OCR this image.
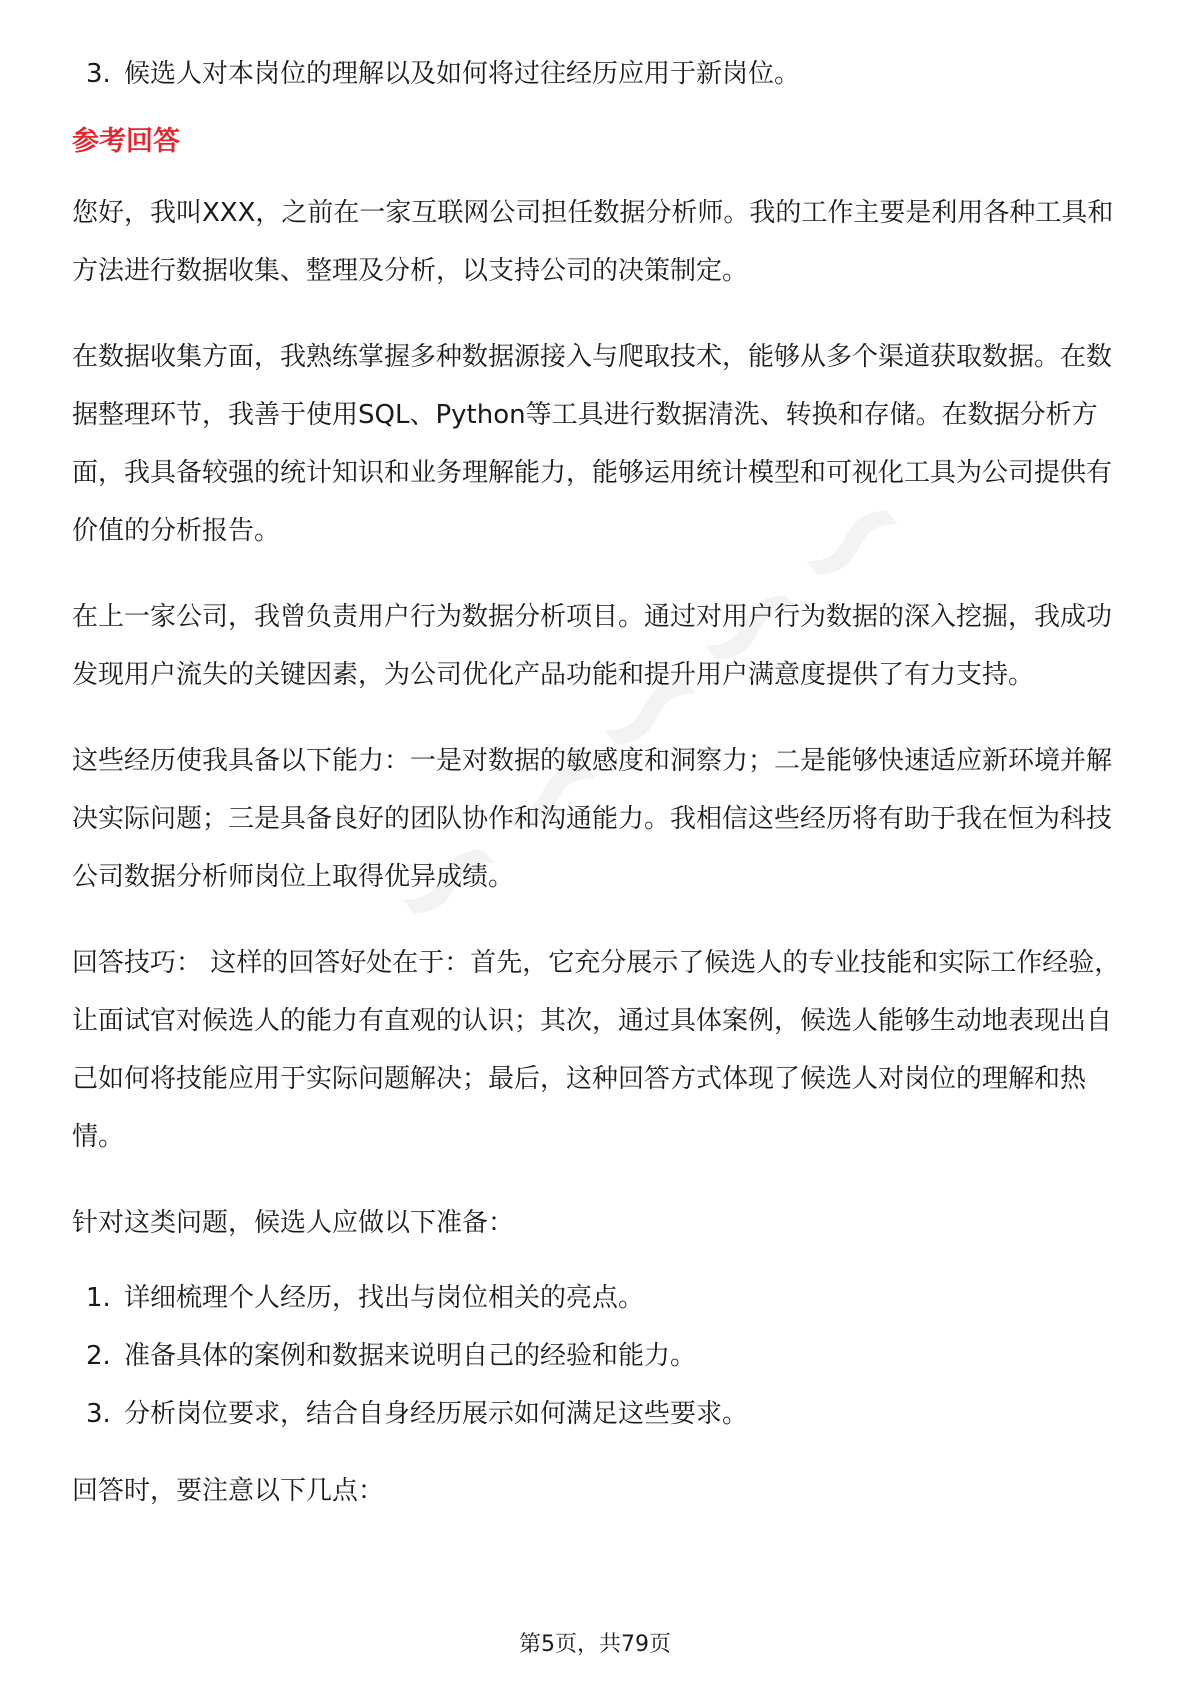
3. 候选人对本岗位的理解以及如何将过往经历应用于新岗位。
参考回答

您好，我叫XXX，之前在一家互联网公司担任数据分析师。我的工作主要是利用各种工具和方法进行数据收集、整理及分析，以支持公司的决策制定。

在数据收集方面，我熟练掌握多种数据源接入与爬取技术，能够从多个渠道获取数据。在数据整理环节，我善于使用SQL、Python等工具进行数据清洗、转换和存储。在数据分析方面，我具备较强的统计知识和业务理解能力，能够运用统计模型和可视化工具为公司提供有价值的分析报告。

在上一家公司，我曾负责用户行为数据分析项目。通过对用户行为数据的深入挖掘，我成功发现用户流失的关键因素，为公司优化产品功能和提升用户满意度提供了有力支持。

这些经历使我具备以下能力：一是对数据的敏感度和洞察力；二是能够快速适应新环境并解决实际问题；三是具备良好的团队协作和沟通能力。我相信这些经历将有助于我在恒为科技公司数据分析师岗位上取得优异成绩。

回答技巧： 这样的回答好处在于：首先，它充分展示了候选人的专业技能和实际工作经验，让面试官对候选人的能力有直观的认识；其次，通过具体案例，候选人能够生动地表现出自己如何将技能应用于实际问题解决；最后，这种回答方式体现了候选人对岗位的理解和热情。

针对这类问题，候选人应做以下准备：

1. 详细梳理个人经历，找出与岗位相关的亮点。
2. 准备具体的案例和数据来说明自己的经验和能力。
3. 分析岗位要求，结合自身经历展示如何满足这些要求。

回答时，要注意以下几点：

第5页，共79页
